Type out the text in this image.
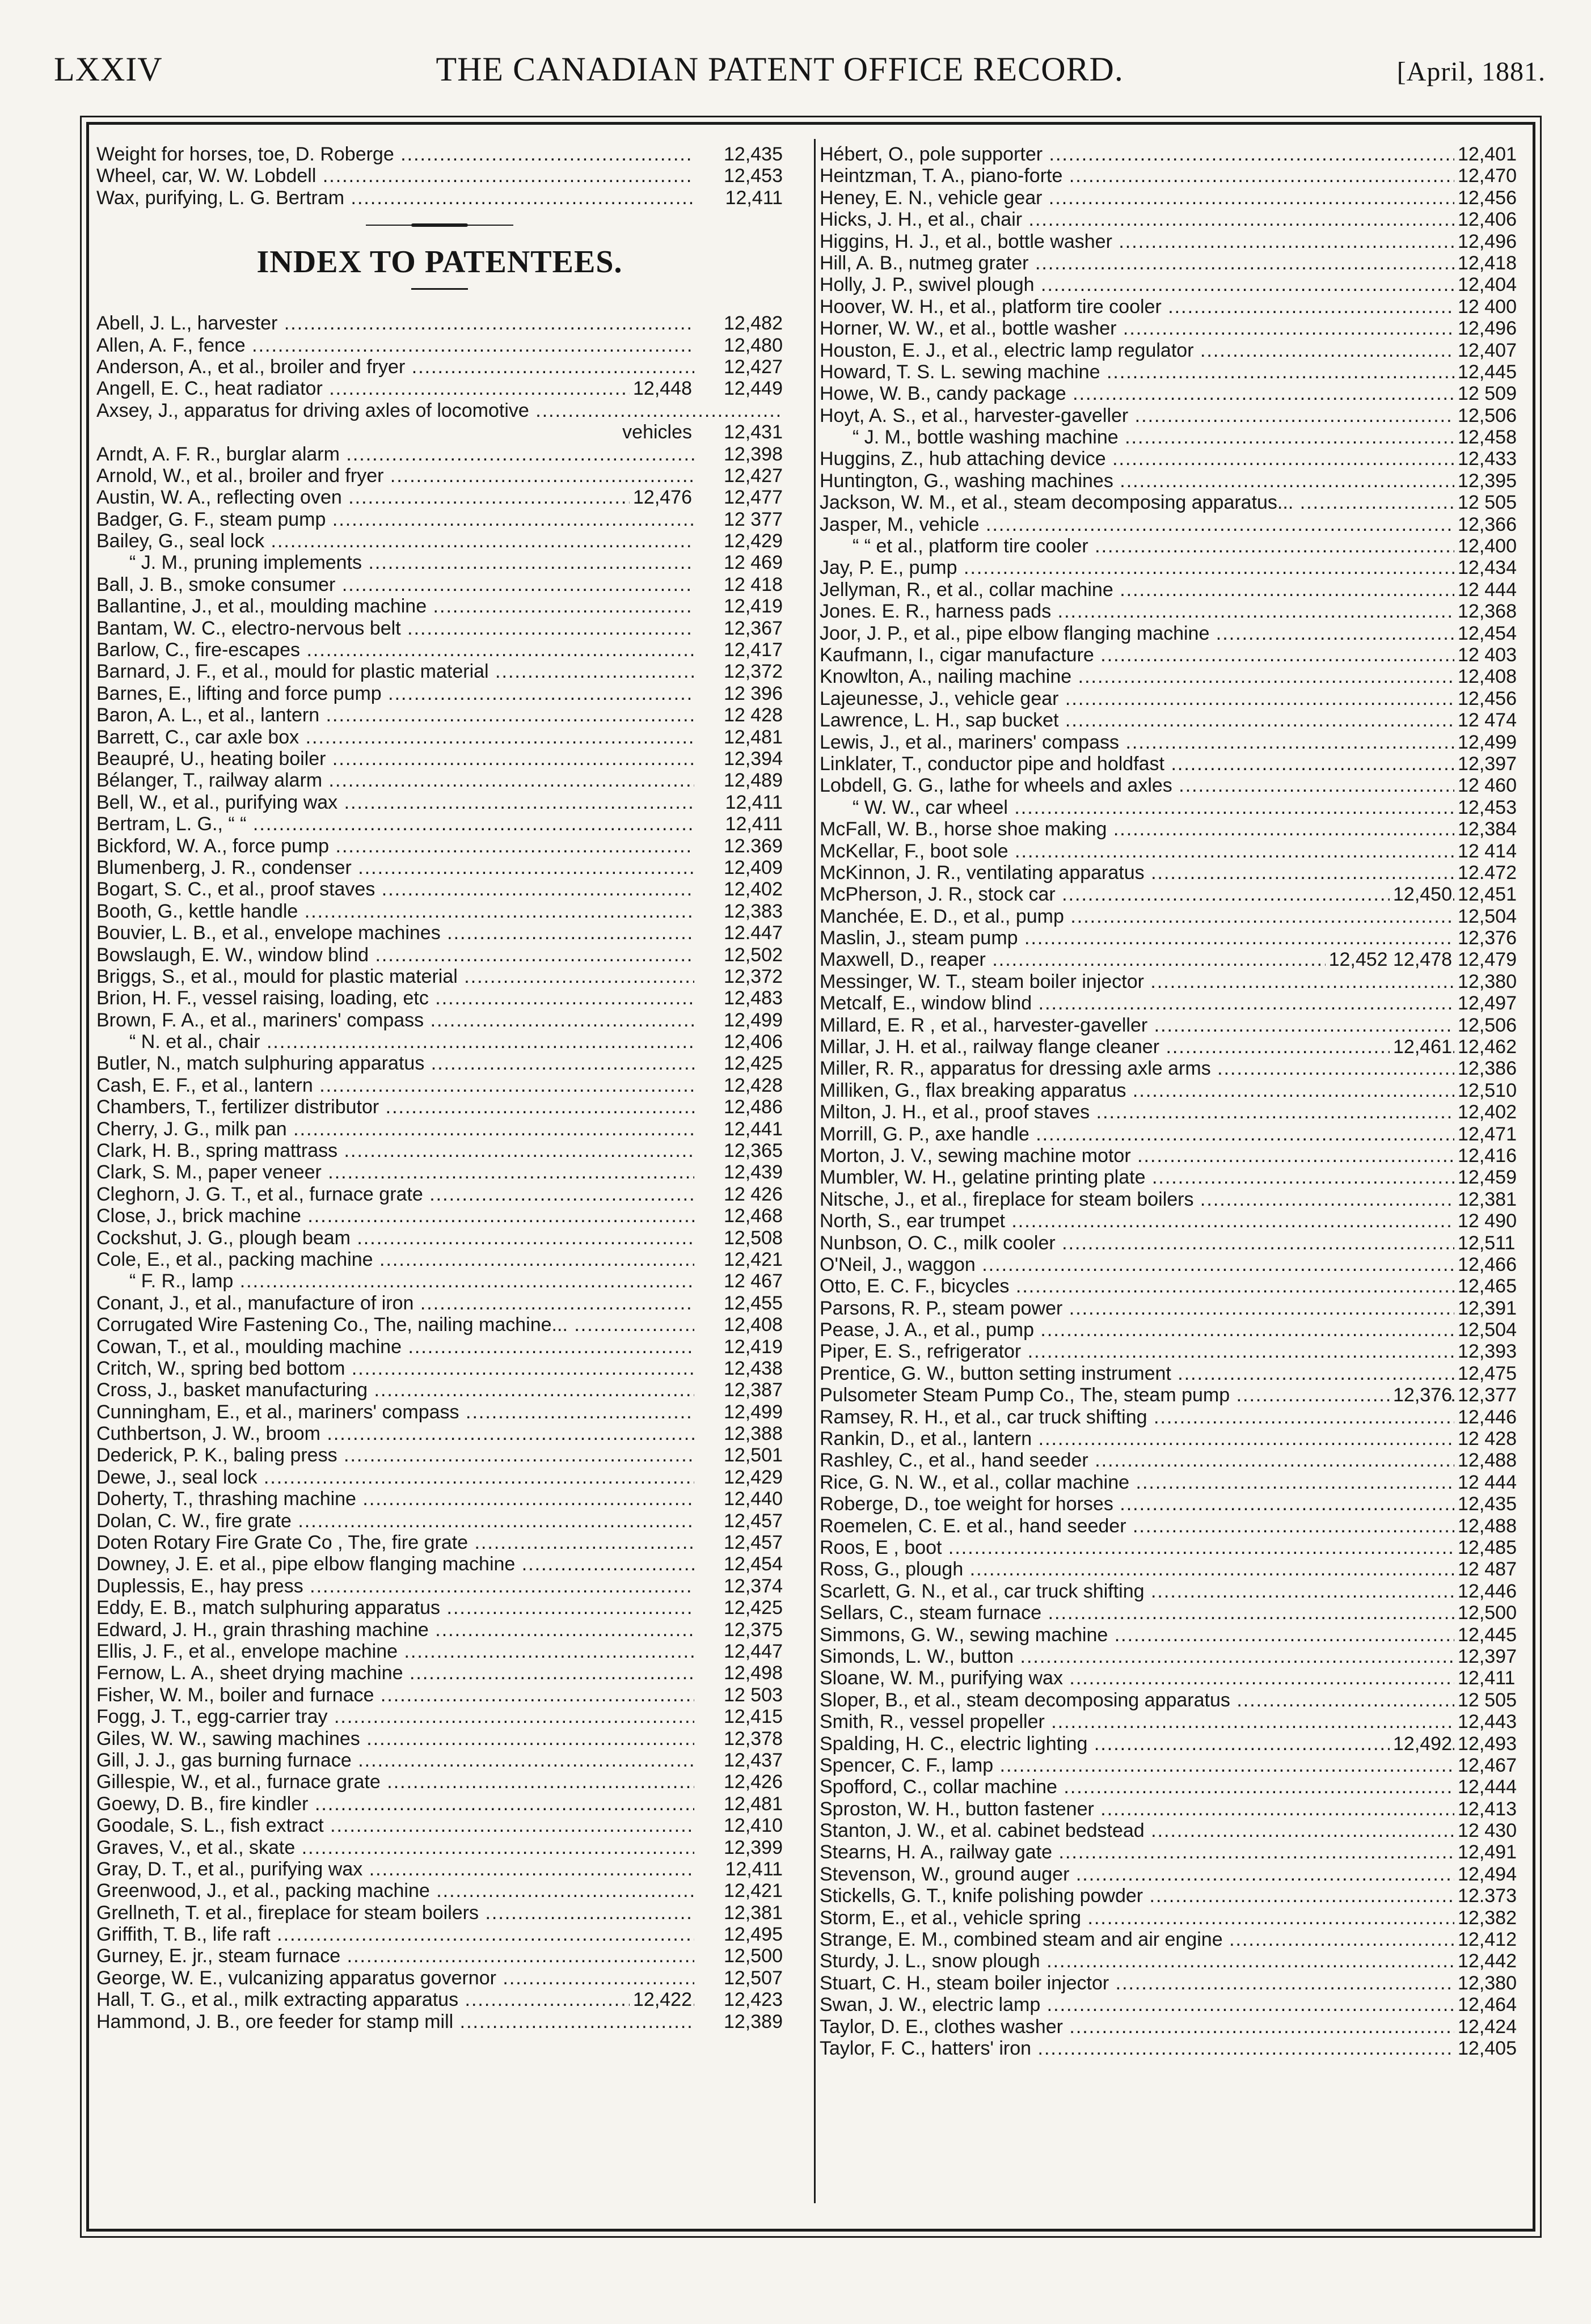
LXXIV	THE CANADIAN PATENT OFFICE RECORD.	[April, 1881.
Weight for horses, toe, D. Roberge .....	12,435
Wheel, car, W. W. Lobdell .....	12,453
Wax, purifying, L. G. Bertram .....	12,411
INDEX TO PATENTEES.
Abell, J. L., harvester .....	12,482
Allen, A. F., fence .....	12,480
Anderson, A., et al., broiler and fryer .....	12,427
Angell, E. C., heat radiator .....	12,448	12,449
Axsey, J., apparatus for driving axles of locomotive .....
vehicles	12,431
Arndt, A. F. R., burglar alarm .....	12,398
Arnold, W., et al., broiler and fryer .....	12,427
Austin, W. A., reflecting oven .....	12,476	12,477
Badger, G. F., steam pump .....	12 377
Bailey, G., seal lock .....	12,429
“ J. M., pruning implements .....	12 469
Ball, J. B., smoke consumer .....	12 418
Ballantine, J., et al., moulding machine .....	12,419
Bantam, W. C., electro-nervous belt .....	12,367
Barlow, C., fire-escapes .....	12,417
Barnard, J. F., et al., mould for plastic material .....	12,372
Barnes, E., lifting and force pump .....	12 396
Baron, A. L., et al., lantern .....	12 428
Barrett, C., car axle box .....	12,481
Beaupré, U., heating boiler .....	12,394
Bélanger, T., railway alarm .....	12,489
Bell, W., et al., purifying wax .....	12,411
Bertram, L. G., “ “ .....	12,411
Bickford, W. A., force pump .....	12.369
Blumenberg, J. R., condenser .....	12,409
Bogart, S. C., et al., proof staves .....	12,402
Booth, G., kettle handle .....	12,383
Bouvier, L. B., et al., envelope machines .....	12.447
Bowslaugh, E. W., window blind .....	12,502
Briggs, S., et al., mould for plastic material .....	12,372
Brion, H. F., vessel raising, loading, etc .....	12,483
Brown, F. A., et al., mariners' compass .....	12,499
“ N. et al., chair .....	12,406
Butler, N., match sulphuring apparatus .....	12,425
Cash, E. F., et al., lantern .....	12,428
Chambers, T., fertilizer distributor .....	12,486
Cherry, J. G., milk pan .....	12,441
Clark, H. B., spring mattrass .....	12,365
Clark, S. M., paper veneer .....	12,439
Cleghorn, J. G. T., et al., furnace grate .....	12 426
Close, J., brick machine .....	12,468
Cockshut, J. G., plough beam .....	12,508
Cole, E., et al., packing machine .....	12,421
“ F. R., lamp .....	12 467
Conant, J., et al., manufacture of iron .....	12,455
Corrugated Wire Fastening Co., The, nailing machine... .....	12,408
Cowan, T., et al., moulding machine .....	12,419
Critch, W., spring bed bottom .....	12,438
Cross, J., basket manufacturing .....	12,387
Cunningham, E., et al., mariners' compass .....	12,499
Cuthbertson, J. W., broom .....	12,388
Dederick, P. K., baling press .....	12,501
Dewe, J., seal lock .....	12,429
Doherty, T., thrashing machine .....	12,440
Dolan, C. W., fire grate .....	12,457
Doten Rotary Fire Grate Co , The, fire grate .....	12,457
Downey, J. E. et al., pipe elbow flanging machine .....	12,454
Duplessis, E., hay press .....	12,374
Eddy, E. B., match sulphuring apparatus .....	12,425
Edward, J. H., grain thrashing machine .....	12,375
Ellis, J. F., et al., envelope machine .....	12,447
Fernow, L. A., sheet drying machine .....	12,498
Fisher, W. M., boiler and furnace .....	12 503
Fogg, J. T., egg-carrier tray .....	12,415
Giles, W. W., sawing machines .....	12,378
Gill, J. J., gas burning furnace .....	12,437
Gillespie, W., et al., furnace grate .....	12,426
Goewy, D. B., fire kindler .....	12,481
Goodale, S. L., fish extract .....	12,410
Graves, V., et al., skate .....	12,399
Gray, D. T., et al., purifying wax .....	12,411
Greenwood, J., et al., packing machine .....	12,421
Grellneth, T. et al., fireplace for steam boilers .....	12,381
Griffith, T. B., life raft .....	12,495
Gurney, E. jr., steam furnace .....	12,500
George, W. E., vulcanizing apparatus governor .....	12,507
Hall, T. G., et al., milk extracting apparatus .....	12,422	12,423
Hammond, J. B., ore feeder for stamp mill .....	12,389
Hébert, O., pole supporter .....	12,401
Heintzman, T. A., piano-forte .....	12,470
Heney, E. N., vehicle gear .....	12,456
Hicks, J. H., et al., chair .....	12,406
Higgins, H. J., et al., bottle washer .....	12,496
Hill, A. B., nutmeg grater .....	12,418
Holly, J. P., swivel plough .....	12,404
Hoover, W. H., et al., platform tire cooler .....	12 400
Horner, W. W., et al., bottle washer .....	12,496
Houston, E. J., et al., electric lamp regulator .....	12,407
Howard, T. S. L. sewing machine .....	12,445
Howe, W. B., candy package .....	12 509
Hoyt, A. S., et al., harvester-gaveller .....	12,506
“ J. M., bottle washing machine .....	12,458
Huggins, Z., hub attaching device .....	12,433
Huntington, G., washing machines .....	12,395
Jackson, W. M., et al., steam decomposing apparatus... .....	12 505
Jasper, M., vehicle .....	12,366
“ “ et al., platform tire cooler .....	12,400
Jay, P. E., pump .....	12,434
Jellyman, R., et al., collar machine .....	12 444
Jones. E. R., harness pads .....	12,368
Joor, J. P., et al., pipe elbow flanging machine .....	12,454
Kaufmann, I., cigar manufacture .....	12 403
Knowlton, A., nailing machine .....	12,408
Lajeunesse, J., vehicle gear .....	12,456
Lawrence, L. H., sap bucket .....	12 474
Lewis, J., et al., mariners' compass .....	12,499
Linklater, T., conductor pipe and holdfast .....	12,397
Lobdell, G. G., lathe for wheels and axles .....	12 460
“ W. W., car wheel .....	12,453
McFall, W. B., horse shoe making .....	12,384
McKellar, F., boot sole .....	12 414
McKinnon, J. R., ventilating apparatus .....	12.472
McPherson, J. R., stock car .....	12,450 12,451
Manchée, E. D., et al., pump .....	12,504
Maslin, J., steam pump .....	12,376
Maxwell, D., reaper .....	12,452 12,478 12,479
Messinger, W. T., steam boiler injector .....	12,380
Metcalf, E., window blind .....	12,497
Millard, E. R , et al., harvester-gaveller .....	12,506
Millar, J. H. et al., railway flange cleaner .....	12,461 12,462
Miller, R. R., apparatus for dressing axle arms .....	12,386
Milliken, G., flax breaking apparatus .....	12,510
Milton, J. H., et al., proof staves .....	12,402
Morrill, G. P., axe handle .....	12,471
Morton, J. V., sewing machine motor .....	12,416
Mumbler, W. H., gelatine printing plate .....	12,459
Nitsche, J., et al., fireplace for steam boilers .....	12,381
North, S., ear trumpet .....	12 490
Nunbson, O. C., milk cooler .....	12,511
O'Neil, J., waggon .....	12,466
Otto, E. C. F., bicycles .....	12,465
Parsons, R. P., steam power .....	12,391
Pease, J. A., et al., pump .....	12,504
Piper, E. S., refrigerator .....	12,393
Prentice, G. W., button setting instrument .....	12,475
Pulsometer Steam Pump Co., The, steam pump .....	12,376 12,377
Ramsey, R. H., et al., car truck shifting .....	12,446
Rankin, D., et al., lantern .....	12 428
Rashley, C., et al., hand seeder .....	12,488
Rice, G. N. W., et al., collar machine .....	12 444
Roberge, D., toe weight for horses .....	12,435
Roemelen, C. E. et al., hand seeder .....	12,488
Roos, E , boot .....	12,485
Ross, G., plough .....	12 487
Scarlett, G. N., et al., car truck shifting .....	12,446
Sellars, C., steam furnace .....	12,500
Simmons, G. W., sewing machine .....	12,445
Simonds, L. W., button .....	12,397
Sloane, W. M., purifying wax .....	12,411
Sloper, B., et al., steam decomposing apparatus .....	12 505
Smith, R., vessel propeller .....	12,443
Spalding, H. C., electric lighting .....	12,492 12,493
Spencer, C. F., lamp .....	12,467
Spofford, C., collar machine .....	12,444
Sproston, W. H., button fastener .....	12,413
Stanton, J. W., et al. cabinet bedstead .....	12 430
Stearns, H. A., railway gate .....	12,491
Stevenson, W., ground auger .....	12,494
Stickells, G. T., knife polishing powder .....	12.373
Storm, E., et al., vehicle spring .....	12,382
Strange, E. M., combined steam and air engine .....	12,412
Sturdy, J. L., snow plough .....	12,442
Stuart, C. H., steam boiler injector .....	12,380
Swan, J. W., electric lamp .....	12,464
Taylor, D. E., clothes washer .....	12,424
Taylor, F. C., hatters' iron .....	12,405
